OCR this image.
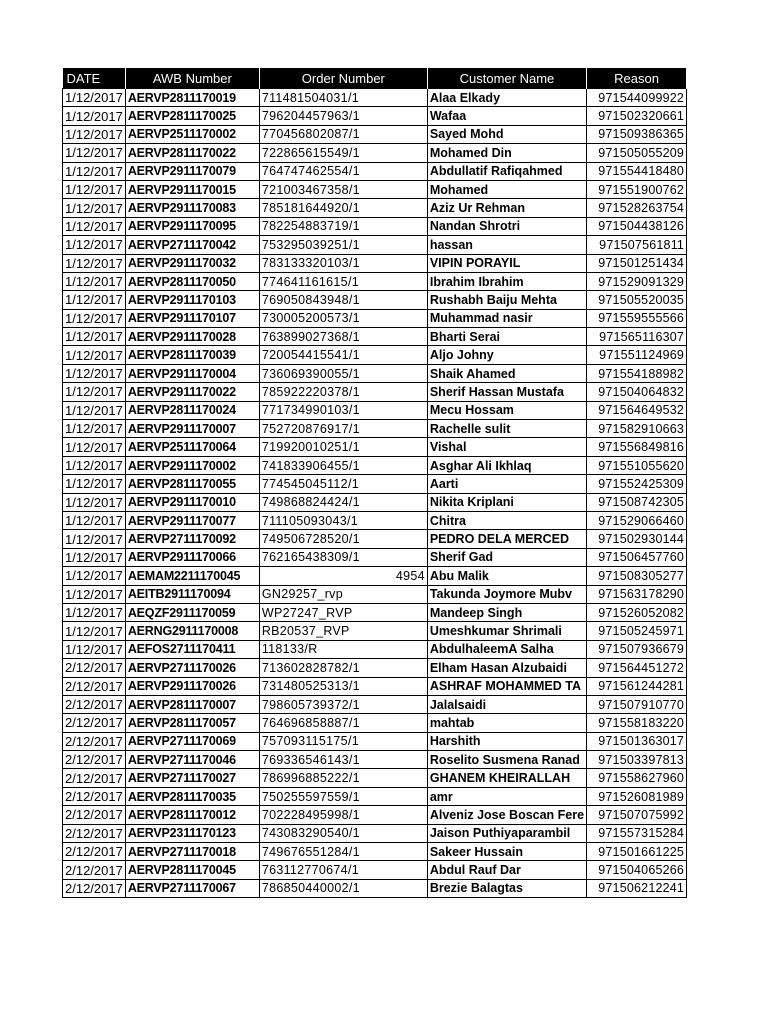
DATE	AWB Number	Order Number	Customer Name	Reason
1/12/2017	AERVP2811170019	711481504031/1	Alaa Elkady	971544099922
1/12/2017	AERVP2811170025	796204457963/1	Wafaa	971502320661
1/12/2017	AERVP2511170002	770456802087/1	Sayed Mohd	971509386365
1/12/2017	AERVP2811170022	722865615549/1	Mohamed Din	971505055209
1/12/2017	AERVP2911170079	764747462554/1	Abdullatif Rafiqahmed	971554418480
1/12/2017	AERVP2911170015	721003467358/1	Mohamed	971551900762
1/12/2017	AERVP2911170083	785181644920/1	Aziz Ur Rehman	971528263754
1/12/2017	AERVP2911170095	782254883719/1	Nandan Shrotri	971504438126
1/12/2017	AERVP2711170042	753295039251/1	hassan	971507561811
1/12/2017	AERVP2911170032	783133320103/1	VIPIN PORAYIL	971501251434
1/12/2017	AERVP2811170050	774641161615/1	Ibrahim Ibrahim	971529091329
1/12/2017	AERVP2911170103	769050843948/1	Rushabh Baiju Mehta	971505520035
1/12/2017	AERVP2911170107	730005200573/1	Muhammad nasir	971559555566
1/12/2017	AERVP2911170028	763899027368/1	Bharti Serai	971565116307
1/12/2017	AERVP2811170039	720054415541/1	Aljo Johny	971551124969
1/12/2017	AERVP2911170004	736069390055/1	Shaik Ahamed	971554188982
1/12/2017	AERVP2911170022	785922220378/1	Sherif Hassan Mustafa	971504064832
1/12/2017	AERVP2811170024	771734990103/1	Mecu Hossam	971564649532
1/12/2017	AERVP2911170007	752720876917/1	Rachelle sulit	971582910663
1/12/2017	AERVP2511170064	719920010251/1	Vishal	971556849816
1/12/2017	AERVP2911170002	741833906455/1	Asghar Ali Ikhlaq	971551055620
1/12/2017	AERVP2811170055	774545045112/1	Aarti	971552425309
1/12/2017	AERVP2911170010	749868824424/1	Nikita Kriplani	971508742305
1/12/2017	AERVP2911170077	711105093043/1	Chitra	971529066460
1/12/2017	AERVP2711170092	749506728520/1	PEDRO DELA MERCED	971502930144
1/12/2017	AERVP2911170066	762165438309/1	Sherif Gad	971506457760
1/12/2017	AEMAM2211170045	4954	Abu Malik	971508305277
1/12/2017	AEITB2911170094	GN29257_rvp	Takunda Joymore Mubv	971563178290
1/12/2017	AEQZF2911170059	WP27247_RVP	Mandeep Singh	971526052082
1/12/2017	AERNG2911170008	RB20537_RVP	Umeshkumar Shrimali	971505245971
1/12/2017	AEFOS2711170411	118133/R	AbdulhaleemA Salha	971507936679
2/12/2017	AERVP2711170026	713602828782/1	Elham Hasan Alzubaidi	971564451272
2/12/2017	AERVP2911170026	731480525313/1	ASHRAF MOHAMMED TA	971561244281
2/12/2017	AERVP2811170007	798605739372/1	Jalalsaidi	971507910770
2/12/2017	AERVP2811170057	764696858887/1	mahtab	971558183220
2/12/2017	AERVP2711170069	757093115175/1	Harshith	971501363017
2/12/2017	AERVP2711170046	769336546143/1	Roselito Susmena Ranad	971503397813
2/12/2017	AERVP2711170027	786996885222/1	GHANEM KHEIRALLAH	971558627960
2/12/2017	AERVP2811170035	750255597559/1	amr	971526081989
2/12/2017	AERVP2811170012	702228495998/1	Alveniz Jose Boscan Fere	971507075992
2/12/2017	AERVP2311170123	743083290540/1	Jaison Puthiyaparambil	971557315284
2/12/2017	AERVP2711170018	749676551284/1	Sakeer Hussain	971501661225
2/12/2017	AERVP2811170045	763112770674/1	Abdul Rauf Dar	971504065266
2/12/2017	AERVP2711170067	786850440002/1	Brezie Balagtas	971506212241
